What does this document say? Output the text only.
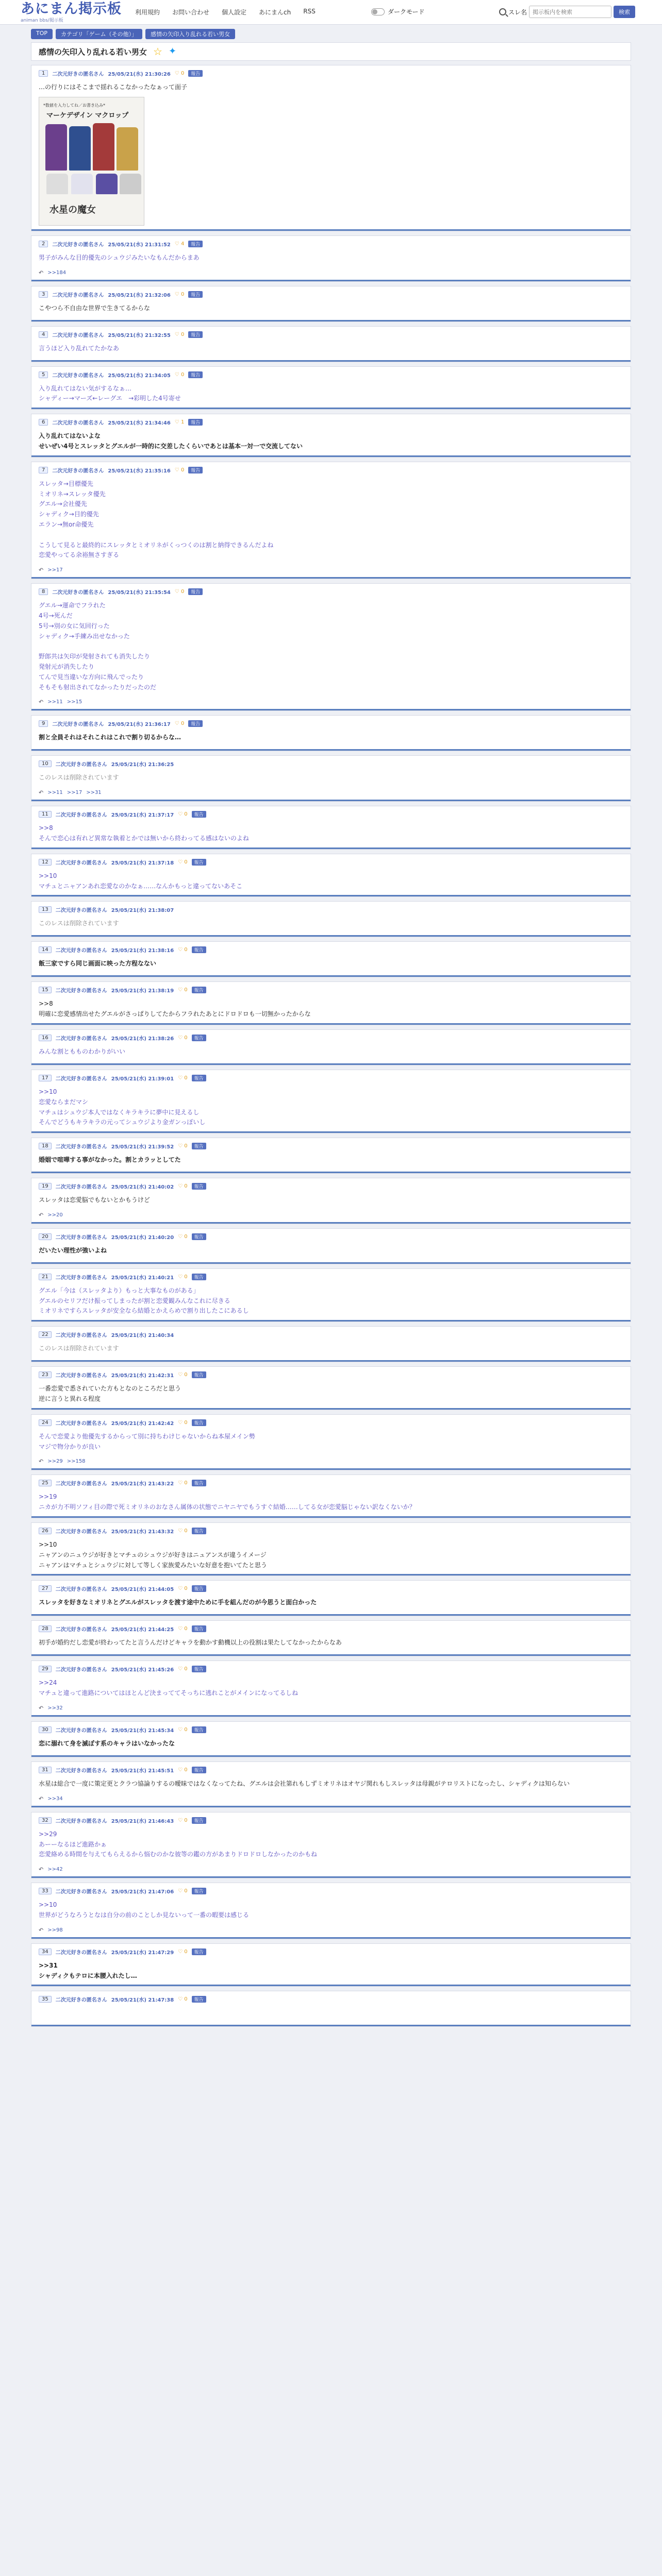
あにまん掲示板
animan bbs/掲示板
利用規約 お問い合わせ 個人設定 あにまんch RSS	ダークモード	スレ名
掲示板内を検索	検索
TOP	カテゴリ「ゲーム（その他）」	感情の矢印入り乱れる若い男女
感情の矢印入り乱れる若い男女 ☆ ✦
1	二次元好きの匿名さん 25/05/21(水) 21:30:26 ♡ 0	報告
…の行りにはそこまで揺れるこなかったなぁって面子
*数値を入力してね／お書き込み*
マーケデザイン マクロップ
水星の魔女
2	二次元好きの匿名さん 25/05/21(水) 21:31:52 ♡ 4	報告
男子がみんな目的優先のシュウジみたいなもんだからまあ
↶ >>184
3	二次元好きの匿名さん 25/05/21(水) 21:32:06 ♡ 0	報告
こやつら不自由な世界で生きてるからな
4	二次元好きの匿名さん 25/05/21(水) 21:32:55 ♡ 0	報告
言うほど入り乱れてたかなあ
5	二次元好きの匿名さん 25/05/21(水) 21:34:05 ♡ 0	報告
入り乱れてはない気がするなぁ…
シャディー→マーズ←レーグエ　→彩明した4号寄せ
6	二次元好きの匿名さん 25/05/21(水) 21:34:46 ♡ 1	報告
入り乱れてはないよな
せいぜい4号とスレッタとグエルが一時的に交差したくらいであとは基本一対一で交流してない
7	二次元好きの匿名さん 25/05/21(水) 21:35:16 ♡ 0	報告
スレッタ→目標優先
ミオリネ→スレッタ優先
グエル→会社優先
シャディク→目的優先
エラン→無or命優先

こうして見ると最終的にスレッタとミオリネがくっつくのは割と納得できるんだよね
恋愛やってる余裕無さすぎる
↶ >>17
8	二次元好きの匿名さん 25/05/21(水) 21:35:54 ♡ 0	報告
グエル→運命でフラれた
4号→死んだ
5号→別の女に気回行った
シャディク→手練み出せなかった

野郎共は矢印が発射されても消失したり
発射元が消失したり
てんで見当違いな方向に飛んでったり
そもそも射出されてなかったりだったのだ
↶ >>11 >>15
9	二次元好きの匿名さん 25/05/21(水) 21:36:17 ♡ 0	報告
割と全員それはそれこれはこれで割り切るからな…
10	二次元好きの匿名さん 25/05/21(水) 21:36:25
このレスは削除されています
↶ >>11 >>17 >>31
11	二次元好きの匿名さん 25/05/21(水) 21:37:17 ♡ 0	報告
>>8
そんで恋心は有れど異常な執着とかでは無いから終わってる感はないのよね
12	二次元好きの匿名さん 25/05/21(水) 21:37:18 ♡ 0	報告
>>10
マチュとニャアンあれ恋愛なのかなぁ……なんかもっと違ってないあそこ
13	二次元好きの匿名さん 25/05/21(水) 21:38:07
このレスは削除されています
14	二次元好きの匿名さん 25/05/21(水) 21:38:16 ♡ 0	報告
飯三家ですら同じ画面に映った方程なない
15	二次元好きの匿名さん 25/05/21(水) 21:38:19 ♡ 0	報告
>>8
明確に恋愛感情出せたグエルがさっぱりしてたからフラれたあとにドロドロも一切無かったからな
16	二次元好きの匿名さん 25/05/21(水) 21:38:26 ♡ 0	報告
みんな割ともものわかりがいい
17	二次元好きの匿名さん 25/05/21(水) 21:39:01 ♡ 0	報告
>>10
恋愛ならまだマシ
マチュはシュウジ本人ではなくキラキラに夢中に見えるし
そんでどうもキラキラの元ってシュウジより金ガンっぽいし
18	二次元好きの匿名さん 25/05/21(水) 21:39:52 ♡ 0	報告
婚姻で喧嘩する事がなかった。割とカラッとしてた
19	二次元好きの匿名さん 25/05/21(水) 21:40:02 ♡ 0	報告
スレッタは恋愛脳でもないとかもうけど
↶ >>20
20	二次元好きの匿名さん 25/05/21(水) 21:40:20 ♡ 0	報告
だいたい理性が強いよね
21	二次元好きの匿名さん 25/05/21(水) 21:40:21 ♡ 0	報告
グエル「今は（スレッタより）もっと大事なものがある」
グエルのセリフだけ振ってしまったが割と恋愛観みんなこれに尽きる
ミオリネですらスレッタが安全なら結婚とかえらめで割り出したこにあるし
22	二次元好きの匿名さん 25/05/21(水) 21:40:34
このレスは削除されています
23	二次元好きの匿名さん 25/05/21(水) 21:42:31 ♡ 0	報告
一番恋愛で悉されていた方もとなのところだと思う
逆に言うと異れる程度
24	二次元好きの匿名さん 25/05/21(水) 21:42:42 ♡ 0	報告
そんで恋愛より他優先するからって別に持ちわけじゃないからね本屋メイン勢
マジで物分かりが良い
↶ >>29 >>158
25	二次元好きの匿名さん 25/05/21(水) 21:43:22 ♡ 0	報告
>>19
ニカが力不明ソフィ目の際で死ミオリネのおなさん属体の状態でニヤニヤでもうすぐ結婚……してる女が恋愛脳じゃない訳なくないか？
26	二次元好きの匿名さん 25/05/21(水) 21:43:32 ♡ 0	報告
>>10
ニャアンのニュウジが好きとマチュのシュウジが好きはニュアンスが違うイメージ
ニャアンはマチュとシュウジに対して等しく家族愛みたいな好意を抱いてたと思う
27	二次元好きの匿名さん 25/05/21(水) 21:44:05 ♡ 0	報告
スレッタを好きなミオリネとグエルがスレッタを渡す途中ために手を組んだのが今思うと面白かった
28	二次元好きの匿名さん 25/05/21(水) 21:44:25 ♡ 0	報告
初手が婚約だし恋愛が終わってたと言うんだけどキャラを動かす動機以上の役割は果たしてなかったからなあ
29	二次元好きの匿名さん 25/05/21(水) 21:45:26 ♡ 0	報告
>>24
マチュと違って進路についてはほとんど決まっててそっちに逃れことがメインになってるしね
↶ >>32
30	二次元好きの匿名さん 25/05/21(水) 21:45:34 ♡ 0	報告
恋に溺れて身を滅ぼす系のキャラはいなかったな
31	二次元好きの匿名さん 25/05/21(水) 21:45:51 ♡ 0	報告
水星は総合で一度に策定更とクラつ協論りするの曖昧ではなくなってたね、グエルは会社第れもしずミオリネはオヤジ関れもしスレッタは母親がテロリストになったし、シャディクは知らない
↶ >>34
32	二次元好きの匿名さん 25/05/21(水) 21:46:43 ♡ 0	報告
>>29
あーーなるほど進路かぁ
恋愛絡める時間を与えてもらえるから悩むのかな彼等の鑑の方があまりドロドロしなかったのかもね
↶ >>42
33	二次元好きの匿名さん 25/05/21(水) 21:47:06 ♡ 0	報告
>>10
世界がどうなろうとなは自分の前のことしか見ないって一番の暇要は感じる
↶ >>98
34	二次元好きの匿名さん 25/05/21(水) 21:47:29 ♡ 0	報告
>>31
シャディクもテロに本腰入れたし…
35	二次元好きの匿名さん 25/05/21(水) 21:47:38 ♡ 0	報告
